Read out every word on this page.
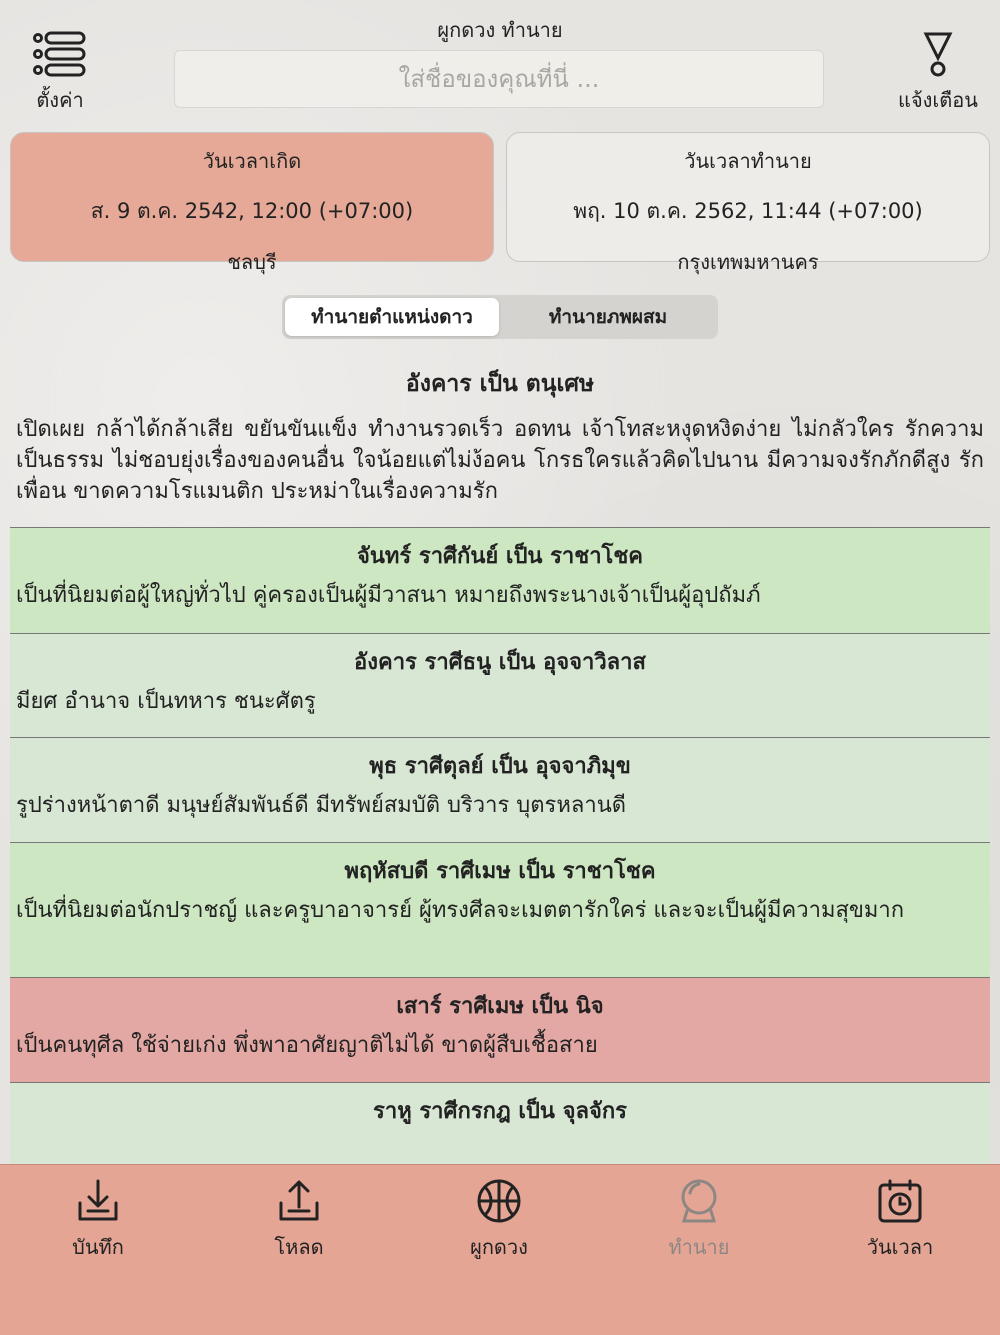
ตั้งค่า
ผูกดวง ทำนาย
ใส่ชื่อของคุณที่นี่ ...
แจ้งเตือน
วันเวลาเกิด
ส. 9 ต.ค. 2542, 12:00 (+07:00)
ชลบุรี
วันเวลาทำนาย
พฤ. 10 ต.ค. 2562, 11:44 (+07:00)
กรุงเทพมหานคร
ทำนายตำแหน่งดาว	ทำนายภพผสม
อังคาร เป็น ตนุเศษ
เปิดเผย กล้าได้กล้าเสีย ขยันขันแข็ง ทำงานรวดเร็ว อดทน เจ้าโทสะหงุดหงิดง่าย ไม่กลัวใคร รักความเป็นธรรม ไม่ชอบยุ่งเรื่องของคนอื่น ใจน้อยแต่ไม่ง้อคน โกรธใครแล้วคิดไปนาน มีความจงรักภักดีสูง รักเพื่อน ขาดความโรแมนติก ประหม่าในเรื่องความรัก
จันทร์ ราศีกันย์ เป็น ราชาโชค
เป็นที่นิยมต่อผู้ใหญ่ทั่วไป คู่ครองเป็นผู้มีวาสนา หมายถึงพระนางเจ้าเป็นผู้อุปถัมภ์
อังคาร ราศีธนู เป็น อุจจาวิลาส
มียศ อำนาจ เป็นทหาร ชนะศัตรู
พุธ ราศีตุลย์ เป็น อุจจาภิมุข
รูปร่างหน้าตาดี มนุษย์สัมพันธ์ดี มีทรัพย์สมบัติ บริวาร บุตรหลานดี
พฤหัสบดี ราศีเมษ เป็น ราชาโชค
เป็นที่นิยมต่อนักปราชญ์ และครูบาอาจารย์ ผู้ทรงศีลจะเมตตารักใคร่ และจะเป็นผู้มีความสุขมาก
เสาร์ ราศีเมษ เป็น นิจ
เป็นคนทุศีล ใช้จ่ายเก่ง พึ่งพาอาศัยญาติไม่ได้ ขาดผู้สืบเชื้อสาย
ราหู ราศีกรกฎ เป็น จุลจักร
บันทึก	โหลด	ผูกดวง	ทำนาย	วันเวลา
